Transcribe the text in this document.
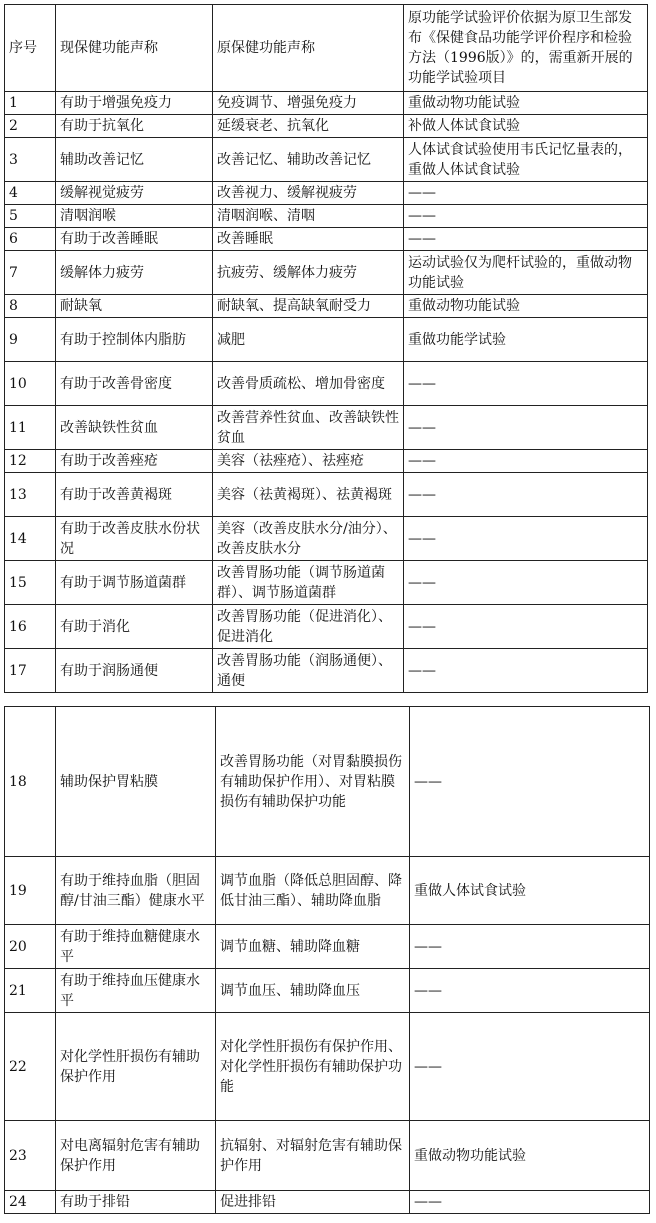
序号	现保健功能声称	原保健功能声称	原功能学试验评价依据为原卫生部发布《保健食品功能学评价程序和检验方法（1996版）》的，需重新开展的功能学试验项目
1	有助于增强免疫力	免疫调节、增强免疫力	重做动物功能试验
2	有助于抗氧化	延缓衰老、抗氧化	补做人体试食试验
3	辅助改善记忆	改善记忆、辅助改善记忆	人体试食试验使用韦氏记忆量表的，重做人体试食试验
4	缓解视觉疲劳	改善视力、缓解视疲劳	——
5	清咽润喉	清咽润喉、清咽	——
6	有助于改善睡眠	改善睡眠	——
7	缓解体力疲劳	抗疲劳、缓解体力疲劳	运动试验仅为爬杆试验的，重做动物功能试验
8	耐缺氧	耐缺氧、提高缺氧耐受力	重做动物功能试验
9	有助于控制体内脂肪	减肥	重做功能学试验
10	有助于改善骨密度	改善骨质疏松、增加骨密度	——
11	改善缺铁性贫血	改善营养性贫血、改善缺铁性贫血	——
12	有助于改善痤疮	美容（祛痤疮）、祛痤疮	——
13	有助于改善黄褐斑	美容（祛黄褐斑）、祛黄褐斑	——
14	有助于改善皮肤水份状况	美容（改善皮肤水分/油分）、改善皮肤水分	——
15	有助于调节肠道菌群	改善胃肠功能（调节肠道菌群）、调节肠道菌群	——
16	有助于消化	改善胃肠功能（促进消化）、促进消化	——
17	有助于润肠通便	改善胃肠功能（润肠通便）、通便	——
18	辅助保护胃粘膜	改善胃肠功能（对胃黏膜损伤有辅助保护作用）、对胃粘膜损伤有辅助保护功能	——
19	有助于维持血脂（胆固醇/甘油三酯）健康水平	调节血脂（降低总胆固醇、降低甘油三酯）、辅助降血脂	重做人体试食试验
20	有助于维持血糖健康水平	调节血糖、辅助降血糖	——
21	有助于维持血压健康水平	调节血压、辅助降血压	——
22	对化学性肝损伤有辅助保护作用	对化学性肝损伤有保护作用、对化学性肝损伤有辅助保护功能	——
23	对电离辐射危害有辅助保护作用	抗辐射、对辐射危害有辅助保护作用	重做动物功能试验
24	有助于排铅	促进排铅	——
